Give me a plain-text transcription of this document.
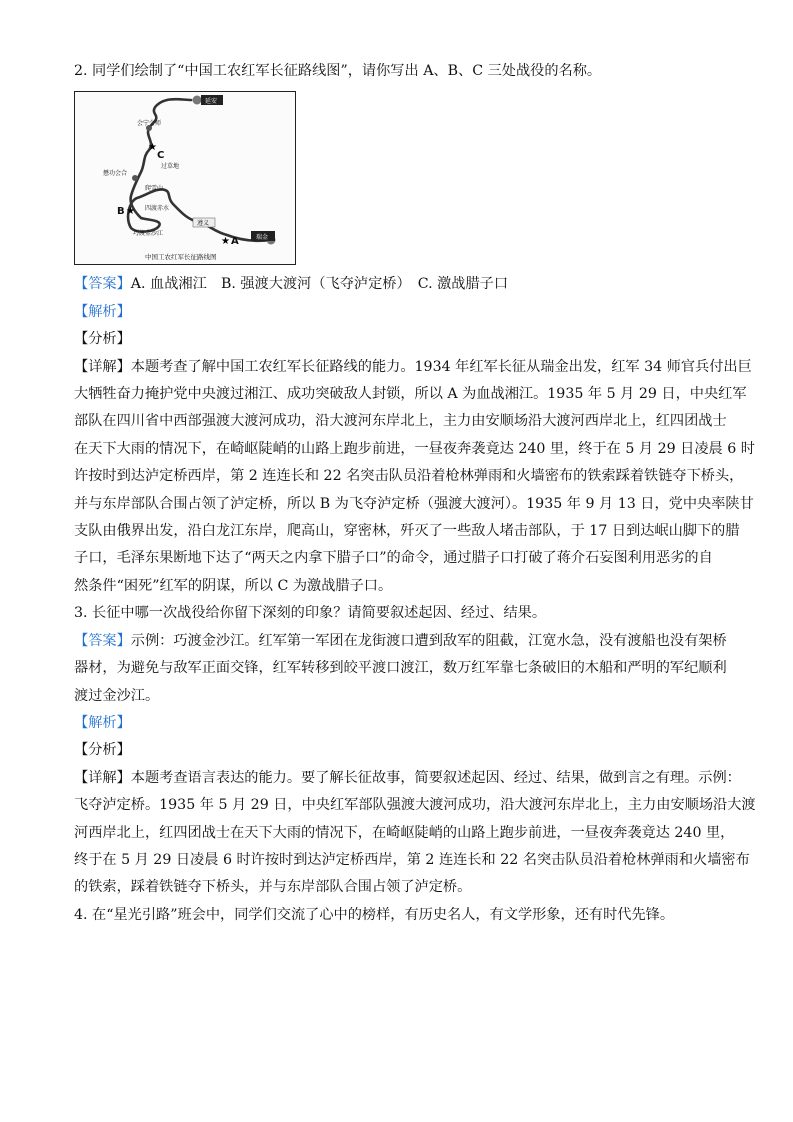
2. 同学们绘制了“中国工农红军长征路线图”，请你写出 A、B、C 三处战役的名称。

延安
瑞金
会宁会师
过草地
懋功会合
爬雪山
四渡赤水
遵义
巧渡金沙江
C
★
B ★
A
★
中国工农红军长征路线图

【答案】A. 血战湘江　B. 强渡大渡河（飞夺泸定桥）　C. 激战腊子口

【解析】

【分析】

【详解】本题考查了解中国工农红军长征路线的能力。1934 年红军长征从瑞金出发，红军 34 师官兵付出巨

大牺牲奋力掩护党中央渡过湘江、成功突破敌人封锁，所以 A 为血战湘江。1935 年 5 月 29 日，中央红军

部队在四川省中西部强渡大渡河成功，沿大渡河东岸北上，主力由安顺场沿大渡河西岸北上，红四团战士

在天下大雨的情况下，在崎岖陡峭的山路上跑步前进，一昼夜奔袭竟达 240 里，终于在 5 月 29 日凌晨 6 时

许按时到达泸定桥西岸，第 2 连连长和 22 名突击队员沿着枪林弹雨和火墙密布的铁索踩着铁链夺下桥头，

并与东岸部队合围占领了泸定桥，所以 B 为飞夺泸定桥（强渡大渡河）。1935 年 9 月 13 日，党中央率陕甘

支队由俄界出发，沿白龙江东岸，爬高山，穿密林，歼灭了一些敌人堵击部队，于 17 日到达岷山脚下的腊

子口，毛泽东果断地下达了“两天之内拿下腊子口”的命令，通过腊子口打破了蒋介石妄图利用恶劣的自

然条件“困死”红军的阴谋，所以 C 为激战腊子口。

3. 长征中哪一次战役给你留下深刻的印象？请简要叙述起因、经过、结果。

【答案】示例：巧渡金沙江。红军第一军团在龙街渡口遭到敌军的阻截，江宽水急，没有渡船也没有架桥

器材，为避免与敌军正面交锋，红军转移到皎平渡口渡江，数万红军靠七条破旧的木船和严明的军纪顺利

渡过金沙江。

【解析】

【分析】

【详解】本题考查语言表达的能力。要了解长征故事，简要叙述起因、经过、结果，做到言之有理。示例：

飞夺泸定桥。1935 年 5 月 29 日，中央红军部队强渡大渡河成功，沿大渡河东岸北上，主力由安顺场沿大渡

河西岸北上，红四团战士在天下大雨的情况下，在崎岖陡峭的山路上跑步前进，一昼夜奔袭竟达 240 里，

终于在 5 月 29 日凌晨 6 时许按时到达泸定桥西岸，第 2 连连长和 22 名突击队员沿着枪林弹雨和火墙密布

的铁索，踩着铁链夺下桥头，并与东岸部队合围占领了泸定桥。

4. 在“星光引路”班会中，同学们交流了心中的榜样，有历史名人，有文学形象，还有时代先锋。
